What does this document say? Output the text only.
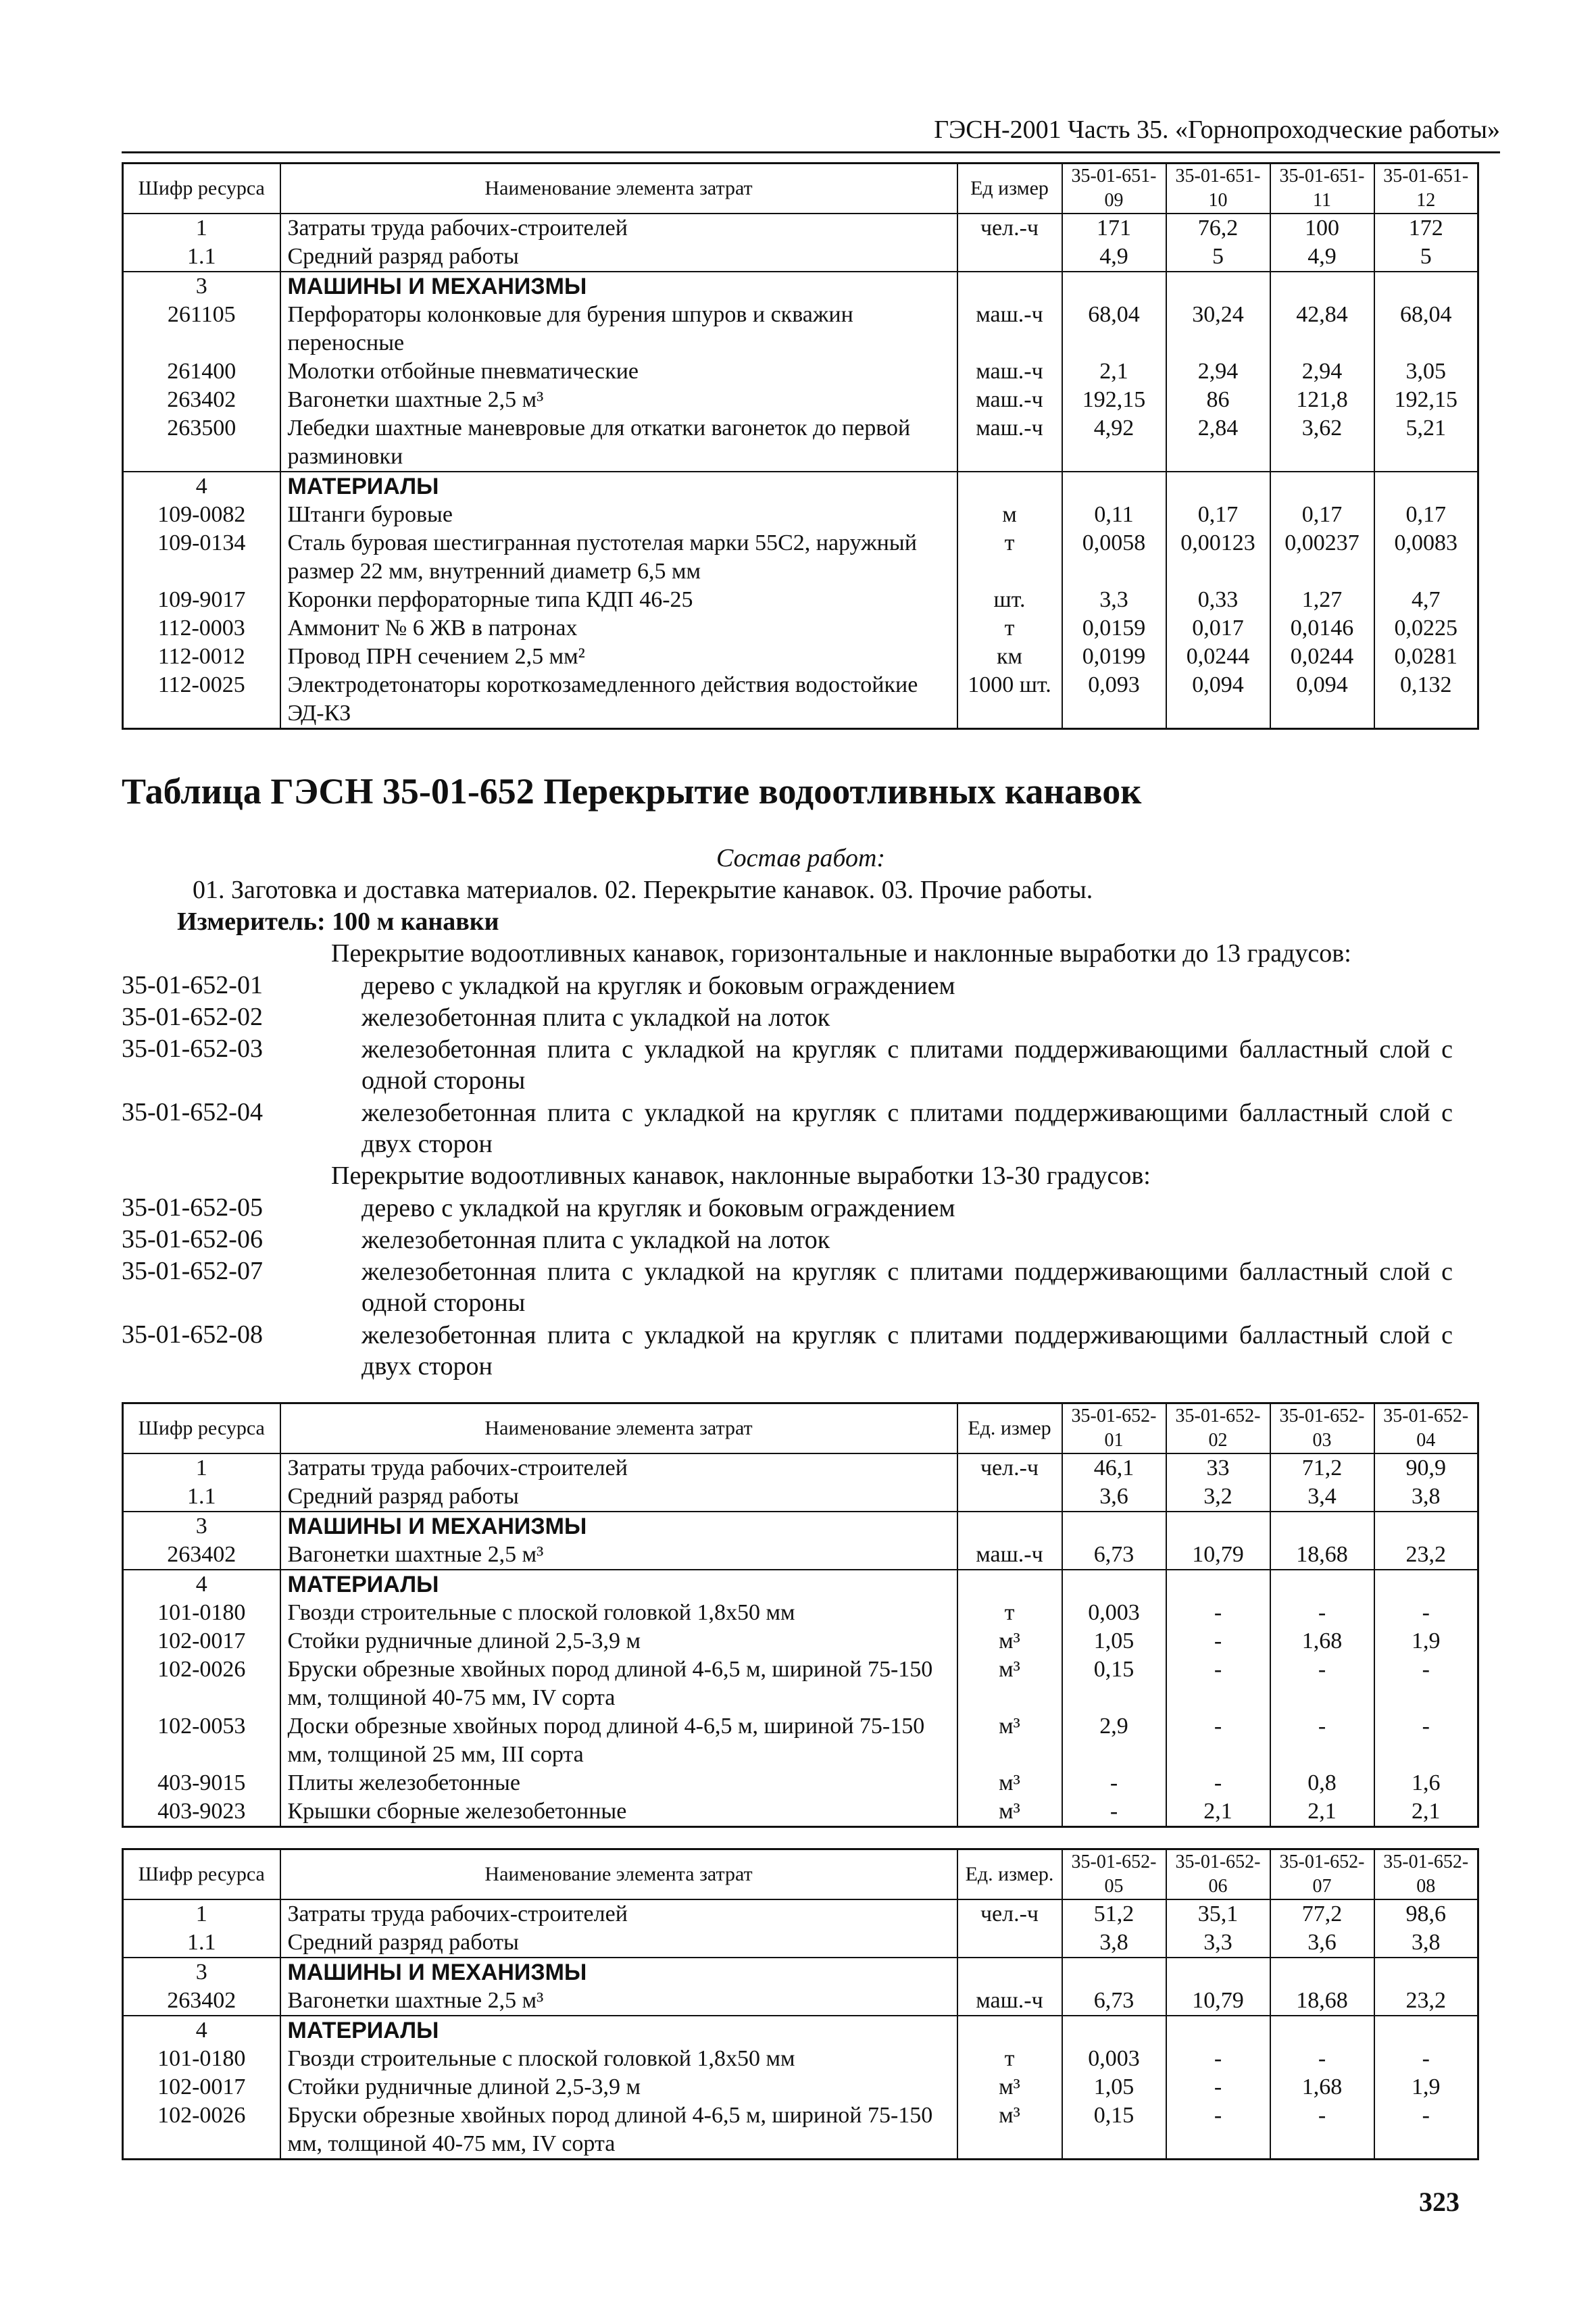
ГЭСН-2001 Часть 35. «Горнопроходческие работы»
Шифр ресурса	Наименование элемента затрат	Ед измер	35-01-651-09	35-01-651-10	35-01-651-11	35-01-651-12
1	Затраты труда рабочих-строителей	чел.-ч	171	76,2	100	172
1.1	Средний разряд работы		4,9	5	4,9	5
3	МАШИНЫ И МЕХАНИЗМЫ					
261105	Перфораторы колонковые для бурения шпуров и скважин переносные	маш.-ч	68,04	30,24	42,84	68,04
261400	Молотки отбойные пневматические	маш.-ч	2,1	2,94	2,94	3,05
263402	Вагонетки шахтные 2,5 м³	маш.-ч	192,15	86	121,8	192,15
263500	Лебедки шахтные маневровые для откатки вагонеток до первой разминовки	маш.-ч	4,92	2,84	3,62	5,21
4	МАТЕРИАЛЫ					
109-0082	Штанги буровые	м	0,11	0,17	0,17	0,17
109-0134	Сталь буровая шестигранная пустотелая марки 55С2, наружный размер 22 мм, внутренний диаметр 6,5 мм	т	0,0058	0,00123	0,00237	0,0083
109-9017	Коронки перфораторные типа КДП 46-25	шт.	3,3	0,33	1,27	4,7
112-0003	Аммонит № 6 ЖВ в патронах	т	0,0159	0,017	0,0146	0,0225
112-0012	Провод ПРН сечением 2,5 мм²	км	0,0199	0,0244	0,0244	0,0281
112-0025	Электродетонаторы короткозамедленного действия водостойкие ЭД-КЗ	1000 шт.	0,093	0,094	0,094	0,132
Таблица ГЭСН 35-01-652 Перекрытие водоотливных канавок
Состав работ:
01. Заготовка и доставка материалов. 02. Перекрытие канавок. 03. Прочие работы.
Измеритель: 100 м канавки
Перекрытие водоотливных канавок, горизонтальные и наклонные выработки до 13 градусов:
35-01-652-01	дерево с укладкой на кругляк и боковым ограждением
35-01-652-02	железобетонная плита с укладкой на лоток
35-01-652-03	железобетонная плита с укладкой на кругляк с плитами поддерживающими балластный слой с одной стороны
35-01-652-04	железобетонная плита с укладкой на кругляк с плитами поддерживающими балластный слой с двух сторон
Перекрытие водоотливных канавок, наклонные выработки 13-30 градусов:
35-01-652-05	дерево с укладкой на кругляк и боковым ограждением
35-01-652-06	железобетонная плита с укладкой на лоток
35-01-652-07	железобетонная плита с укладкой на кругляк с плитами поддерживающими балластный слой с одной стороны
35-01-652-08	железобетонная плита с укладкой на кругляк с плитами поддерживающими балластный слой с двух сторон
Шифр ресурса	Наименование элемента затрат	Ед. измер	35-01-652-01	35-01-652-02	35-01-652-03	35-01-652-04
1	Затраты труда рабочих-строителей	чел.-ч	46,1	33	71,2	90,9
1.1	Средний разряд работы		3,6	3,2	3,4	3,8
3	МАШИНЫ И МЕХАНИЗМЫ					
263402	Вагонетки шахтные 2,5 м³	маш.-ч	6,73	10,79	18,68	23,2
4	МАТЕРИАЛЫ					
101-0180	Гвозди строительные с плоской головкой 1,8х50 мм	т	0,003	-	-	-
102-0017	Стойки рудничные длиной 2,5-3,9 м	м³	1,05	-	1,68	1,9
102-0026	Бруски обрезные хвойных пород длиной 4-6,5 м, шириной 75-150 мм, толщиной 40-75 мм, IV сорта	м³	0,15	-	-	-
102-0053	Доски обрезные хвойных пород длиной 4-6,5 м, шириной 75-150 мм, толщиной 25 мм, III сорта	м³	2,9	-	-	-
403-9015	Плиты железобетонные	м³	-	-	0,8	1,6
403-9023	Крышки сборные железобетонные	м³	-	2,1	2,1	2,1
Шифр ресурса	Наименование элемента затрат	Ед. измер.	35-01-652-05	35-01-652-06	35-01-652-07	35-01-652-08
1	Затраты труда рабочих-строителей	чел.-ч	51,2	35,1	77,2	98,6
1.1	Средний разряд работы		3,8	3,3	3,6	3,8
3	МАШИНЫ И МЕХАНИЗМЫ					
263402	Вагонетки шахтные 2,5 м³	маш.-ч	6,73	10,79	18,68	23,2
4	МАТЕРИАЛЫ					
101-0180	Гвозди строительные с плоской головкой 1,8х50 мм	т	0,003	-	-	-
102-0017	Стойки рудничные длиной 2,5-3,9 м	м³	1,05	-	1,68	1,9
102-0026	Бруски обрезные хвойных пород длиной 4-6,5 м, шириной 75-150 мм, толщиной 40-75 мм, IV сорта	м³	0,15	-	-	-
323
